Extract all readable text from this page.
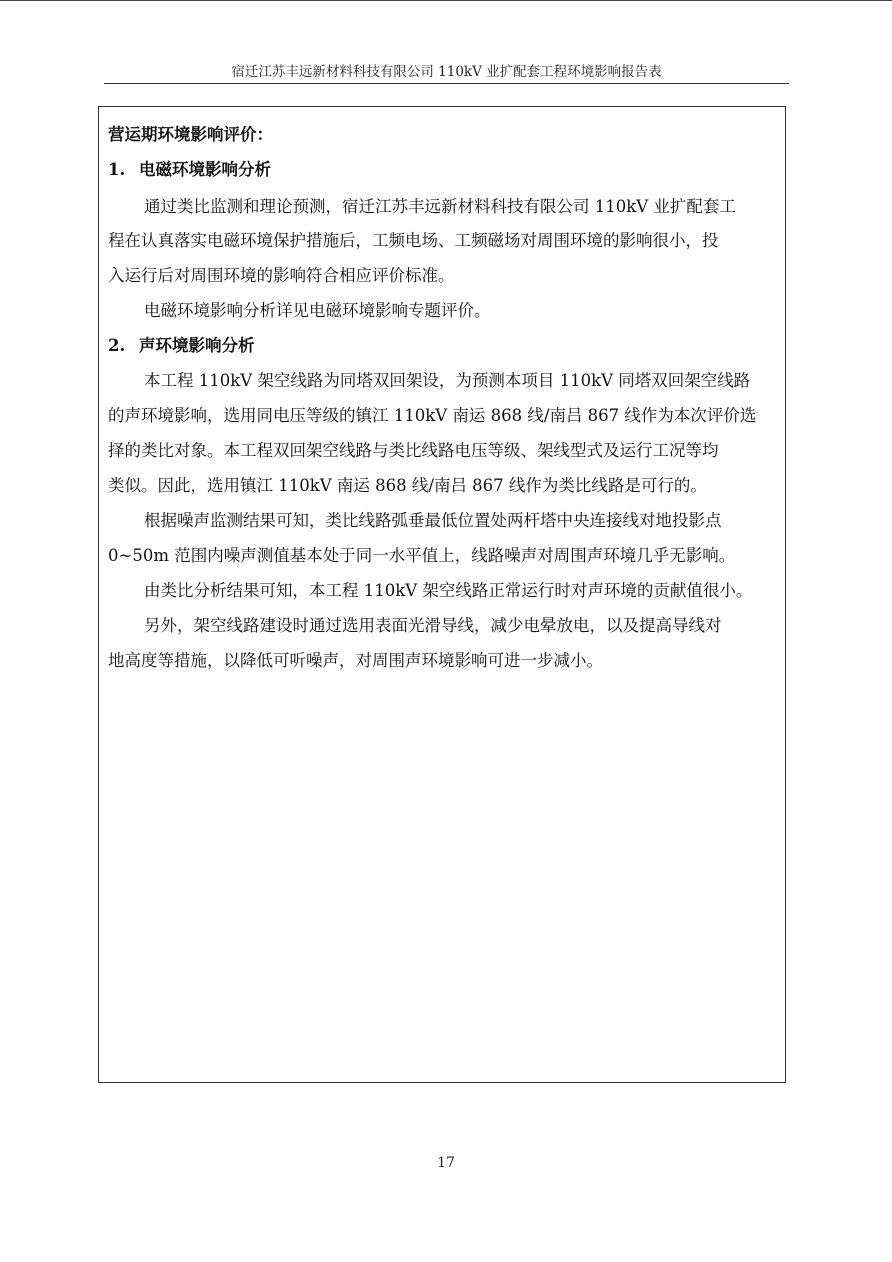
宿迁江苏丰远新材料科技有限公司 110kV 业扩配套工程环境影响报告表
营运期环境影响评价：
1. 电磁环境影响分析
通过类比监测和理论预测，宿迁江苏丰远新材料科技有限公司 110kV 业扩配套工
程在认真落实电磁环境保护措施后，工频电场、工频磁场对周围环境的影响很小，投
入运行后对周围环境的影响符合相应评价标准。
电磁环境影响分析详见电磁环境影响专题评价。
2. 声环境影响分析
本工程 110kV 架空线路为同塔双回架设，为预测本项目 110kV 同塔双回架空线路
的声环境影响，选用同电压等级的镇江 110kV 南运 868 线/南吕 867 线作为本次评价选
择的类比对象。本工程双回架空线路与类比线路电压等级、架线型式及运行工况等均
类似。因此，选用镇江 110kV 南运 868 线/南吕 867 线作为类比线路是可行的。
根据噪声监测结果可知，类比线路弧垂最低位置处两杆塔中央连接线对地投影点
0~50m 范围内噪声测值基本处于同一水平值上，线路噪声对周围声环境几乎无影响。
由类比分析结果可知，本工程 110kV 架空线路正常运行时对声环境的贡献值很小。
另外，架空线路建设时通过选用表面光滑导线，减少电晕放电，以及提高导线对
地高度等措施，以降低可听噪声，对周围声环境影响可进一步减小。
17
